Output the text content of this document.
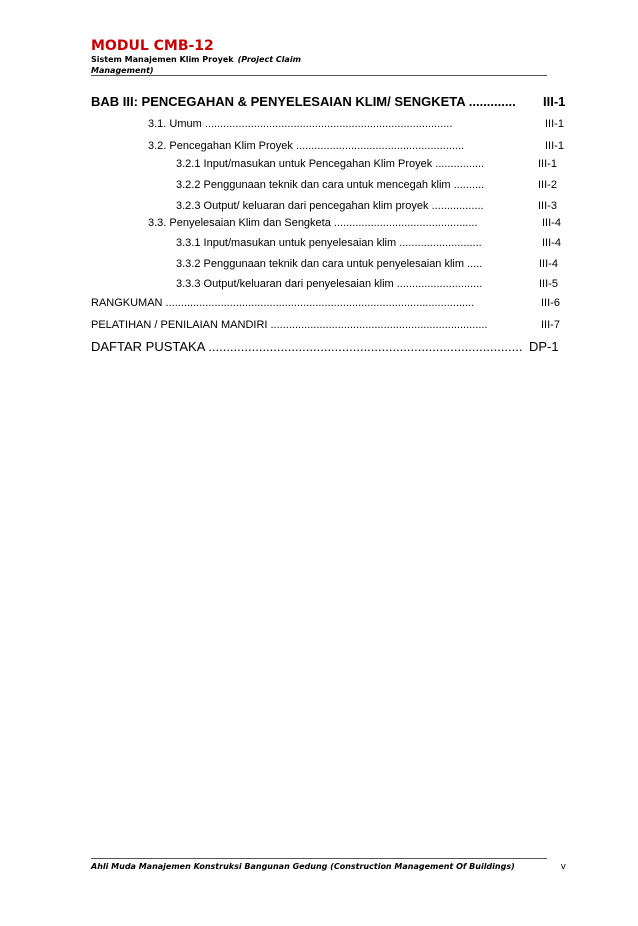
MODUL CMB-12
Sistem Manajemen Klim Proyek (Project Claim
Management)
BAB III: PENCEGAHAN & PENYELESAIAN KLIM/ SENGKETA ............. III-1
3.1. Umum .................................................................................	III-1
3.2. Pencegahan Klim Proyek .......................................................	III-1
3.2.1 Input/masukan untuk Pencegahan Klim Proyek ................	III-1
3.2.2 Penggunaan teknik dan cara untuk mencegah klim ..........	III-2
3.2.3 Output/ keluaran dari pencegahan klim proyek .................	III-3
3.3. Penyelesaian Klim dan Sengketa ...............................................	III-4
3.3.1 Input/masukan untuk penyelesaian klim ...........................	III-4
3.3.2 Penggunaan teknik dan cara untuk penyelesaian klim .....	III-4
3.3.3 Output/keluaran dari penyelesaian klim ............................	III-5
RANGKUMAN .....................................................................................................	III-6
PELATIHAN / PENILAIAN MANDIRI .......................................................................	III-7
DAFTAR PUSTAKA ....................................................................................... DP-1
Ahli Muda Manajemen Konstruksi Bangunan Gedung (Construction Management Of Buildings)	v
